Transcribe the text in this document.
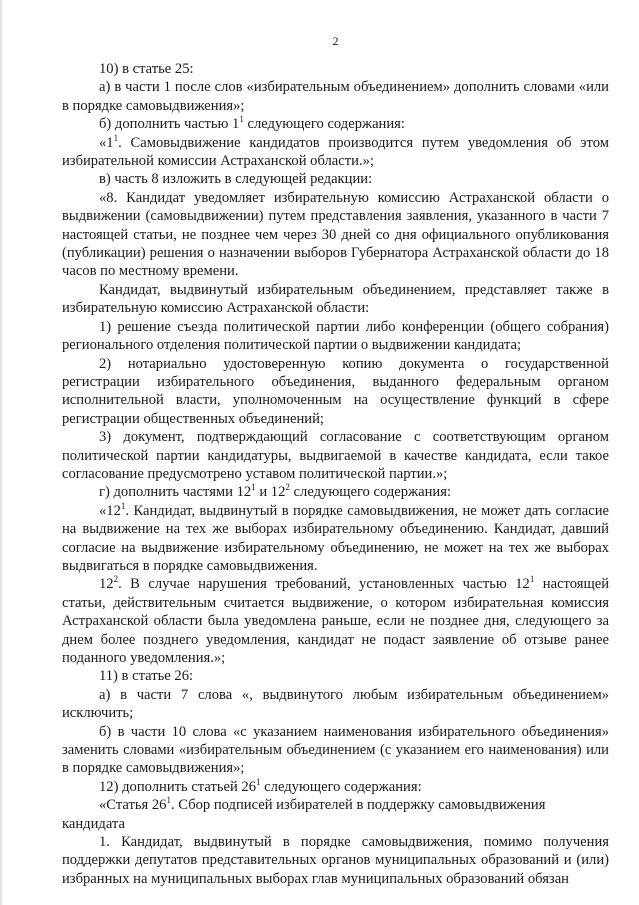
2

10) в статье 25:

а) в части 1 после слов «избирательным объединением» дополнить словами «или в порядке самовыдвижения»;

б) дополнить частью $1^1$ следующего содержания:

«$1^1$. Самовыдвижение кандидатов производится путем уведомления об этом избирательной комиссии Астраханской области.»;

в) часть 8 изложить в следующей редакции:

«8. Кандидат уведомляет избирательную комиссию Астраханской области о выдвижении (самовыдвижении) путем представления заявления, указанного в части 7 настоящей статьи, не позднее чем через 30 дней со дня официального опубликования (публикации) решения о назначении выборов Губернатора Астраханской области до 18 часов по местному времени.

Кандидат, выдвинутый избирательным объединением, представляет также в избирательную комиссию Астраханской области:

1) решение съезда политической партии либо конференции (общего собрания) регионального отделения политической партии о выдвижении кандидата;

2) нотариально удостоверенную копию документа о государственной регистрации избирательного объединения, выданного федеральным органом исполнительной власти, уполномоченным на осуществление функций в сфере регистрации общественных объединений;

3) документ, подтверждающий согласование с соответствующим органом политической партии кандидатуры, выдвигаемой в качестве кандидата, если такое согласование предусмотрено уставом политической партии.»;

г) дополнить частями $12^1$ и $12^2$ следующего содержания:

«$12^1$. Кандидат, выдвинутый в порядке самовыдвижения, не может дать согласие на выдвижение на тех же выборах избирательному объединению. Кандидат, давший согласие на выдвижение избирательному объединению, не может на тех же выборах выдвигаться в порядке самовыдвижения.

$12^2$. В случае нарушения требований, установленных частью $12^1$ настоящей статьи, действительным считается выдвижение, о котором избирательная комиссия Астраханской области была уведомлена раньше, если не позднее дня, следующего за днем более позднего уведомления, кандидат не подаст заявление об отзыве ранее поданного уведомления.»;

11) в статье 26:

а) в части 7 слова «, выдвинутого любым избирательным объединением» исключить;

б) в части 10 слова «с указанием наименования избирательного объединения» заменить словами «избирательным объединением (с указанием его наименования) или в порядке самовыдвижения»;

12) дополнить статьей $26^1$ следующего содержания:

«Статья $26^1$. Сбор подписей избирателей в поддержку самовыдвижения кандидата

1. Кандидат, выдвинутый в порядке самовыдвижения, помимо получения поддержки депутатов представительных органов муниципальных образований и (или) избранных на муниципальных выборах глав муниципальных образований обязан
